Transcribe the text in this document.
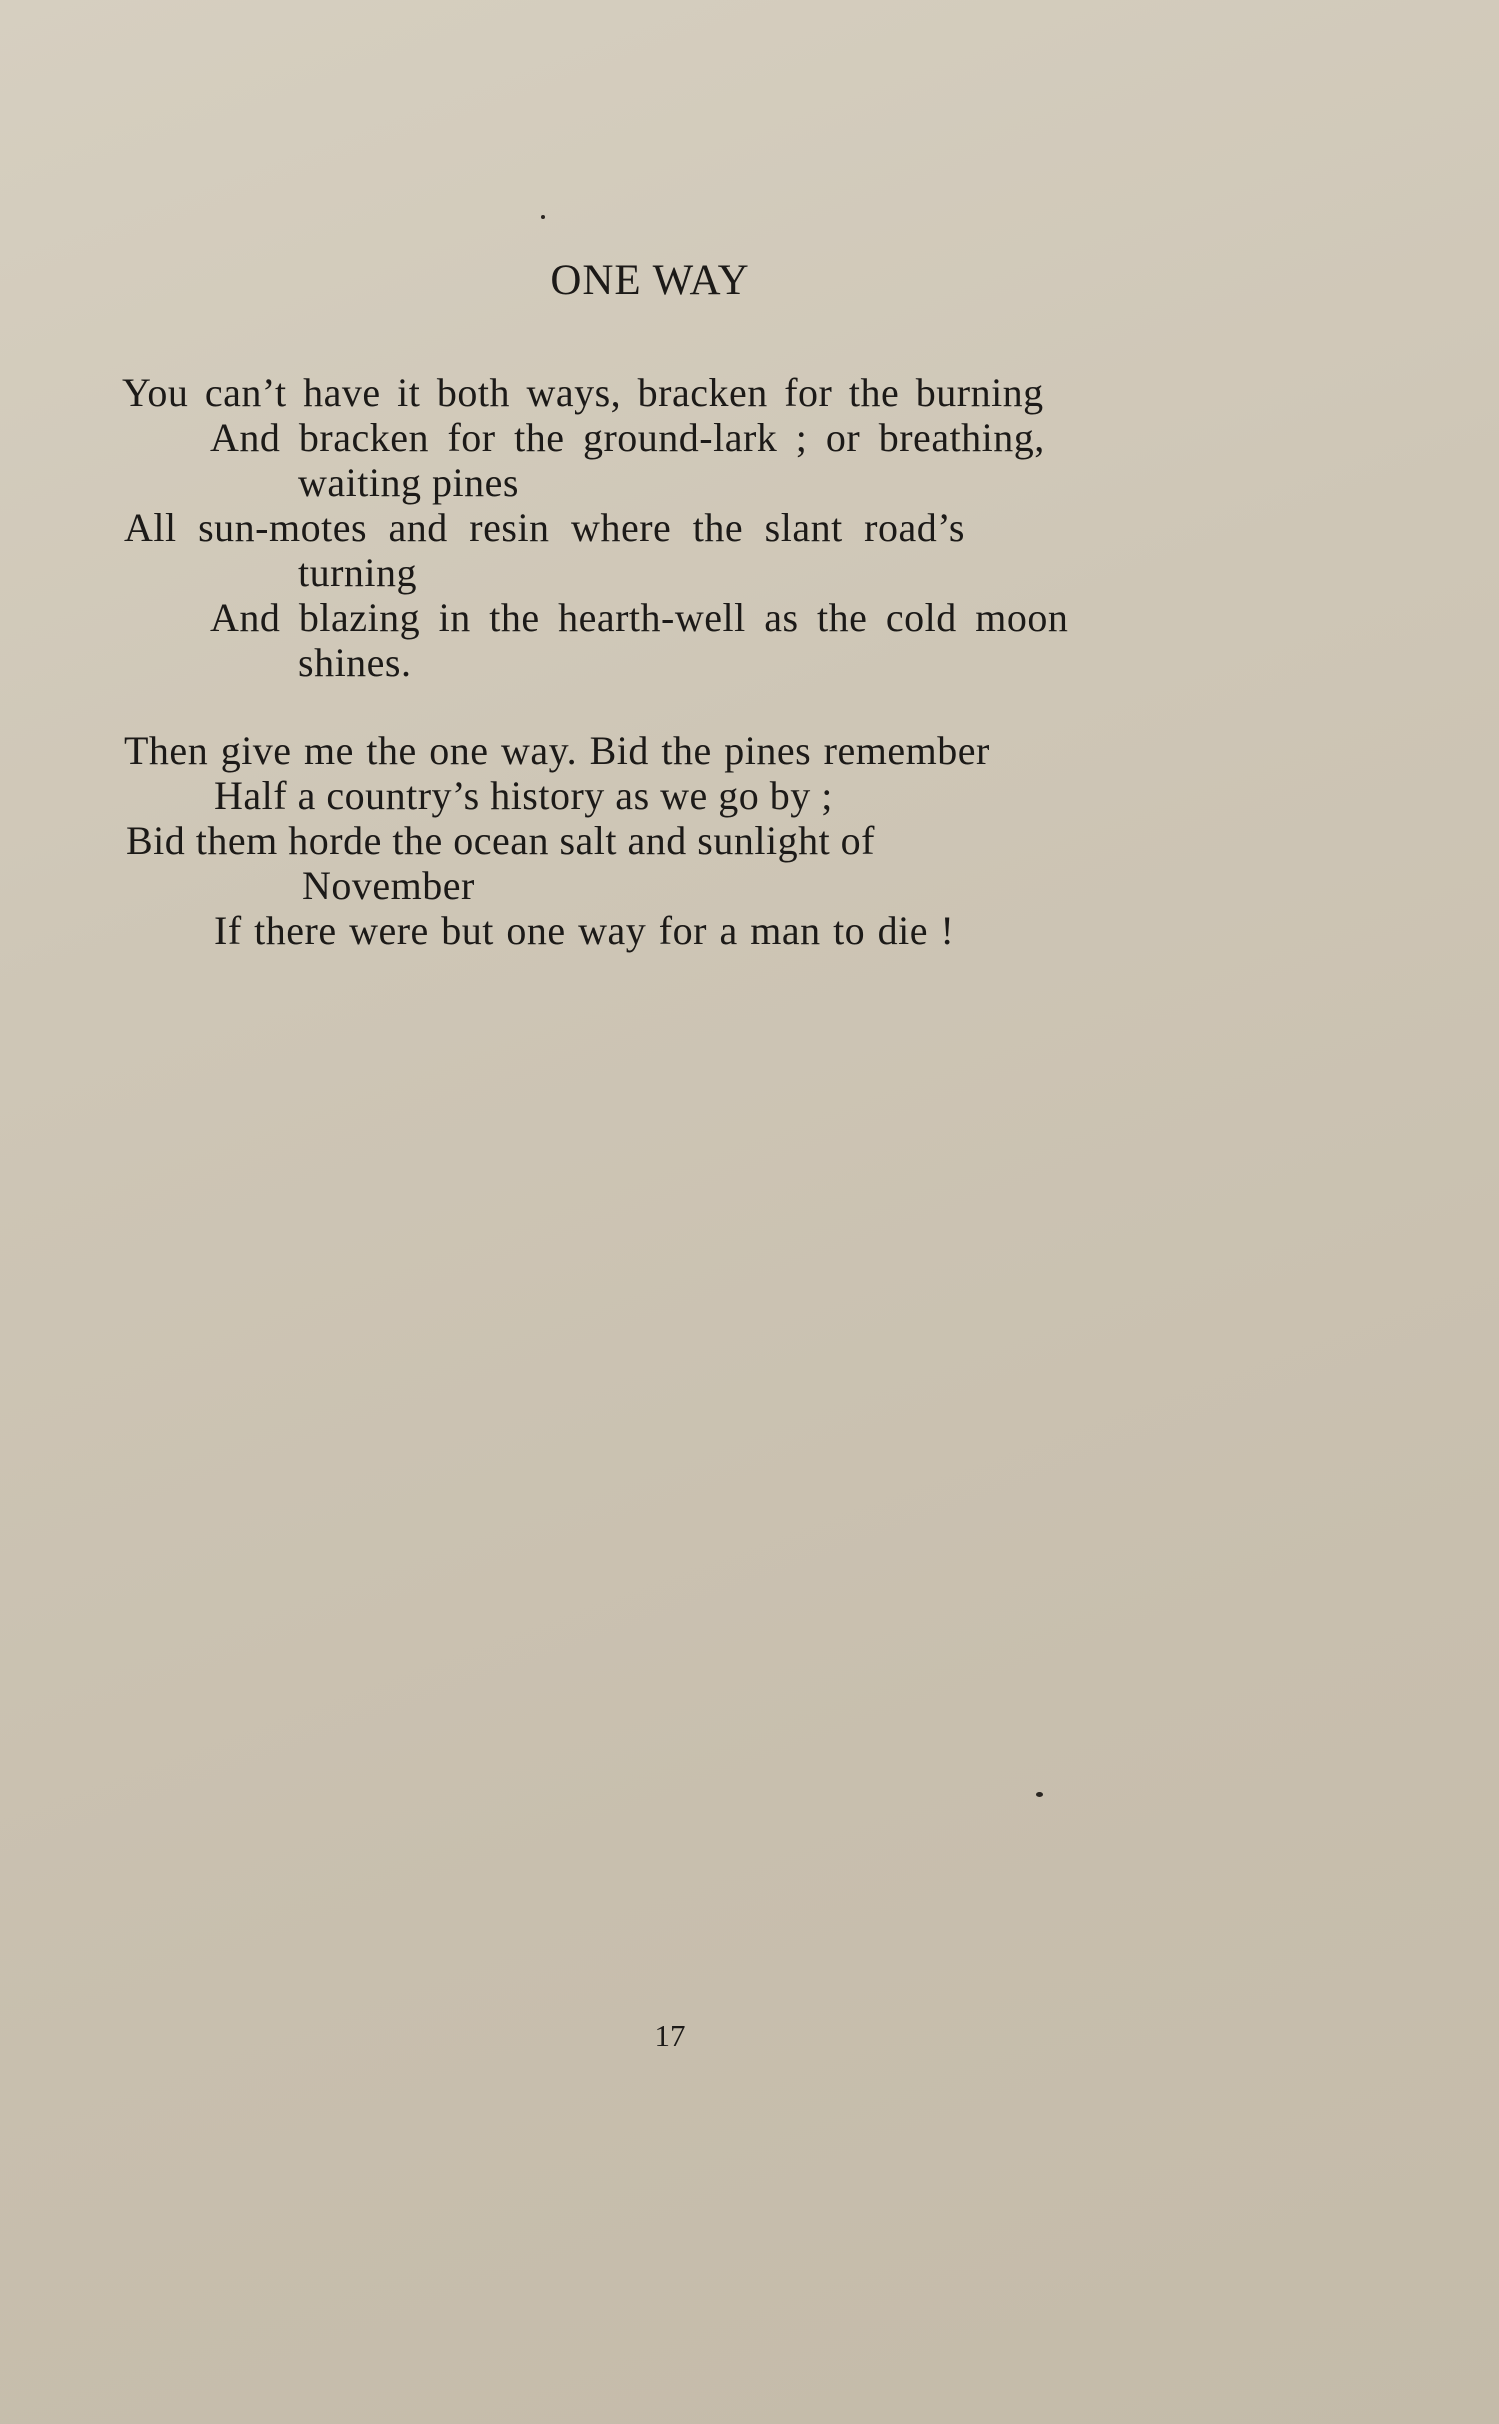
ONE WAY
You can’t have it both ways, bracken for the burning
And bracken for the ground-lark ; or breathing,
waiting pines
All sun-motes and resin where the slant road’s
turning
And blazing in the hearth-well as the cold moon
shines.
Then give me the one way. Bid the pines remember
Half a country’s history as we go by ;
Bid them horde the ocean salt and sunlight of
November
If there were but one way for a man to die !
17
